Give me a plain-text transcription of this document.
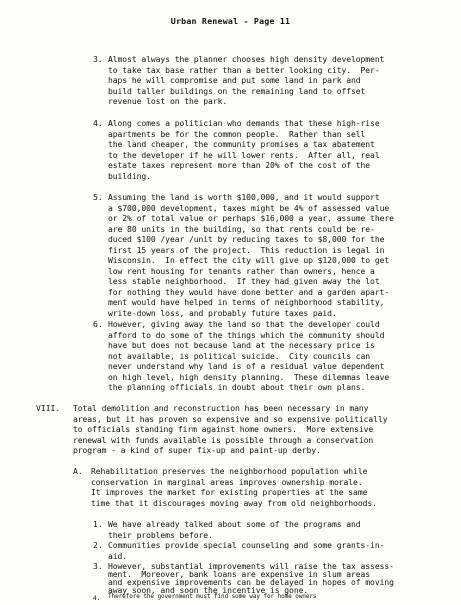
Urban Renewal - Page 11
3. Almost always the planner chooses high density development
to take tax base rather than a better looking city.  Per-
haps he will compromise and put some land in park and
build taller buildings on the remaining land to offset
revenue lost on the park.
4. Along comes a politician who demands that these high-rise
apartments be for the common people.  Rather than sell
the land cheaper, the community promises a tax abatement
to the developer if he will lower rents.  After all, real
estate taxes represent more than 20% of the cost of the
building.
5. Assuming the land is worth $100,000, and it would support
a $700,000 development, taxes might be 4% of assessed value
or 2% of total value or perhaps $16,000 a year, assume there
are 80 units in the building, so that rents could be re-
duced $100 /year /unit by reducing taxes to $8,000 for the
first 15 years of the project.  This reduction is legal in
Wisconsin.  In effect the city will give up $120,000 to get
low rent housing for tenants rather than owners, hence a
less stable neighborhood.  If they had given away the lot
for nothing they would have done better and a garden apart-
ment would have helped in terms of neighborhood stability,
write-down loss, and probably future taxes paid.
6. However, giving away the land so that the developer could
afford to do some of the things which the community should
have but does not because land at the necessary price is
not available, is political suicide.  City councils can
never understand why land is of a residual value dependent
on high level, high density planning.  These dilemmas leave
the planning officials in doubt about their own plans.
VIII. Total demolition and reconstruction has been necessary in many
areas, but it has proven so expensive and so expensive politically
to officials standing firm against home owners.  More extensive
renewal with funds available is possible through a conservation
program - a kind of super fix-up and paint-up derby.
A. Rehabilitation preserves the neighborhood population while
conservation in marginal areas improves ownership morale.
It improves the market for existing properties at the same
time that it discourages moving away from old neighborhoods.
1. We have already talked about some of the programs and
their problems before.
2. Communities provide special counseling and some grants-in-
aid.
3. However, substantial improvements will raise the tax assess-
ment.  Moreover, bank loans are expensive in slum areas
and expensive improvements can be delayed in hopes of moving
away soon, and soon the incentive is gone.
4. Therefore the government must find some way for home owners
